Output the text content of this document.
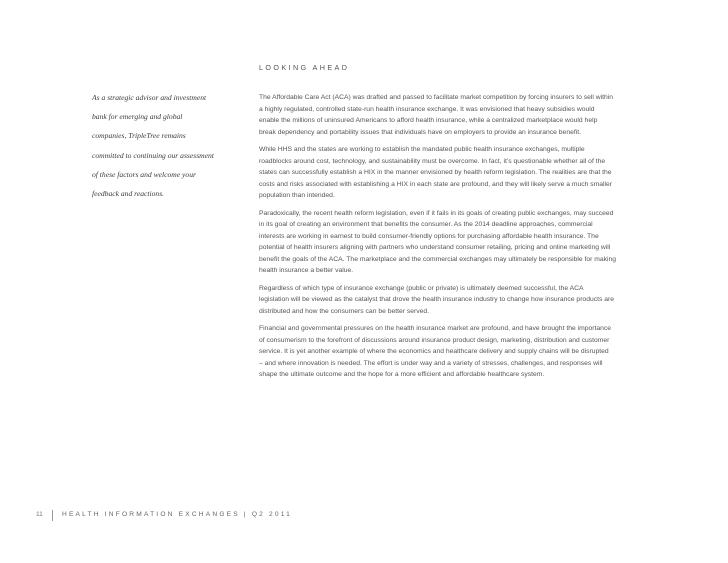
As a strategic advisor and investment
bank for emerging and global
companies, TripleTree remains
committed to continuing our assessment
of these factors and welcome your
feedback and reactions.

LOOKING AHEAD

The Affordable Care Act (ACA) was drafted and passed to facilitate market competition by forcing insurers to sell within
a highly regulated, controlled state-run health insurance exchange. It was envisioned that heavy subsidies would
enable the millions of uninsured Americans to afford health insurance, while a centralized marketplace would help
break dependency and portability issues that individuals have on employers to provide an insurance benefit.

While HHS and the states are working to establish the mandated public health insurance exchanges, multiple
roadblocks around cost, technology, and sustainability must be overcome. In fact, it’s questionable whether all of the
states can successfully establish a HIX in the manner envisioned by health reform legislation. The realities are that the
costs and risks associated with establishing a HIX in each state are profound, and they will likely serve a much smaller
population than intended.

Paradoxically, the recent health reform legislation, even if it fails in its goals of creating public exchanges, may succeed
in its goal of creating an environment that benefits the consumer. As the 2014 deadline approaches, commercial
interests are working in earnest to build consumer-friendly options for purchasing affordable health insurance. The
potential of health insurers aligning with partners who understand consumer retailing, pricing and online marketing will
benefit the goals of the ACA. The marketplace and the commercial exchanges may ultimately be responsible for making
health insurance a better value.

Regardless of which type of insurance exchange (public or private) is ultimately deemed successful, the ACA
legislation will be viewed as the catalyst that drove the health insurance industry to change how insurance products are
distributed and how the consumers can be better served.

Financial and governmental pressures on the health insurance market are profound, and have brought the importance
of consumerism to the forefront of discussions around insurance product design, marketing, distribution and customer
service. It is yet another example of where the economics and healthcare delivery and supply chains will be disrupted
– and where innovation is needed. The effort is under way and a variety of stresses, challenges, and responses will
shape the ultimate outcome and the hope for a more efficient and affordable healthcare system.

11	HEALTH INFORMATION EXCHANGES | Q2 2011
